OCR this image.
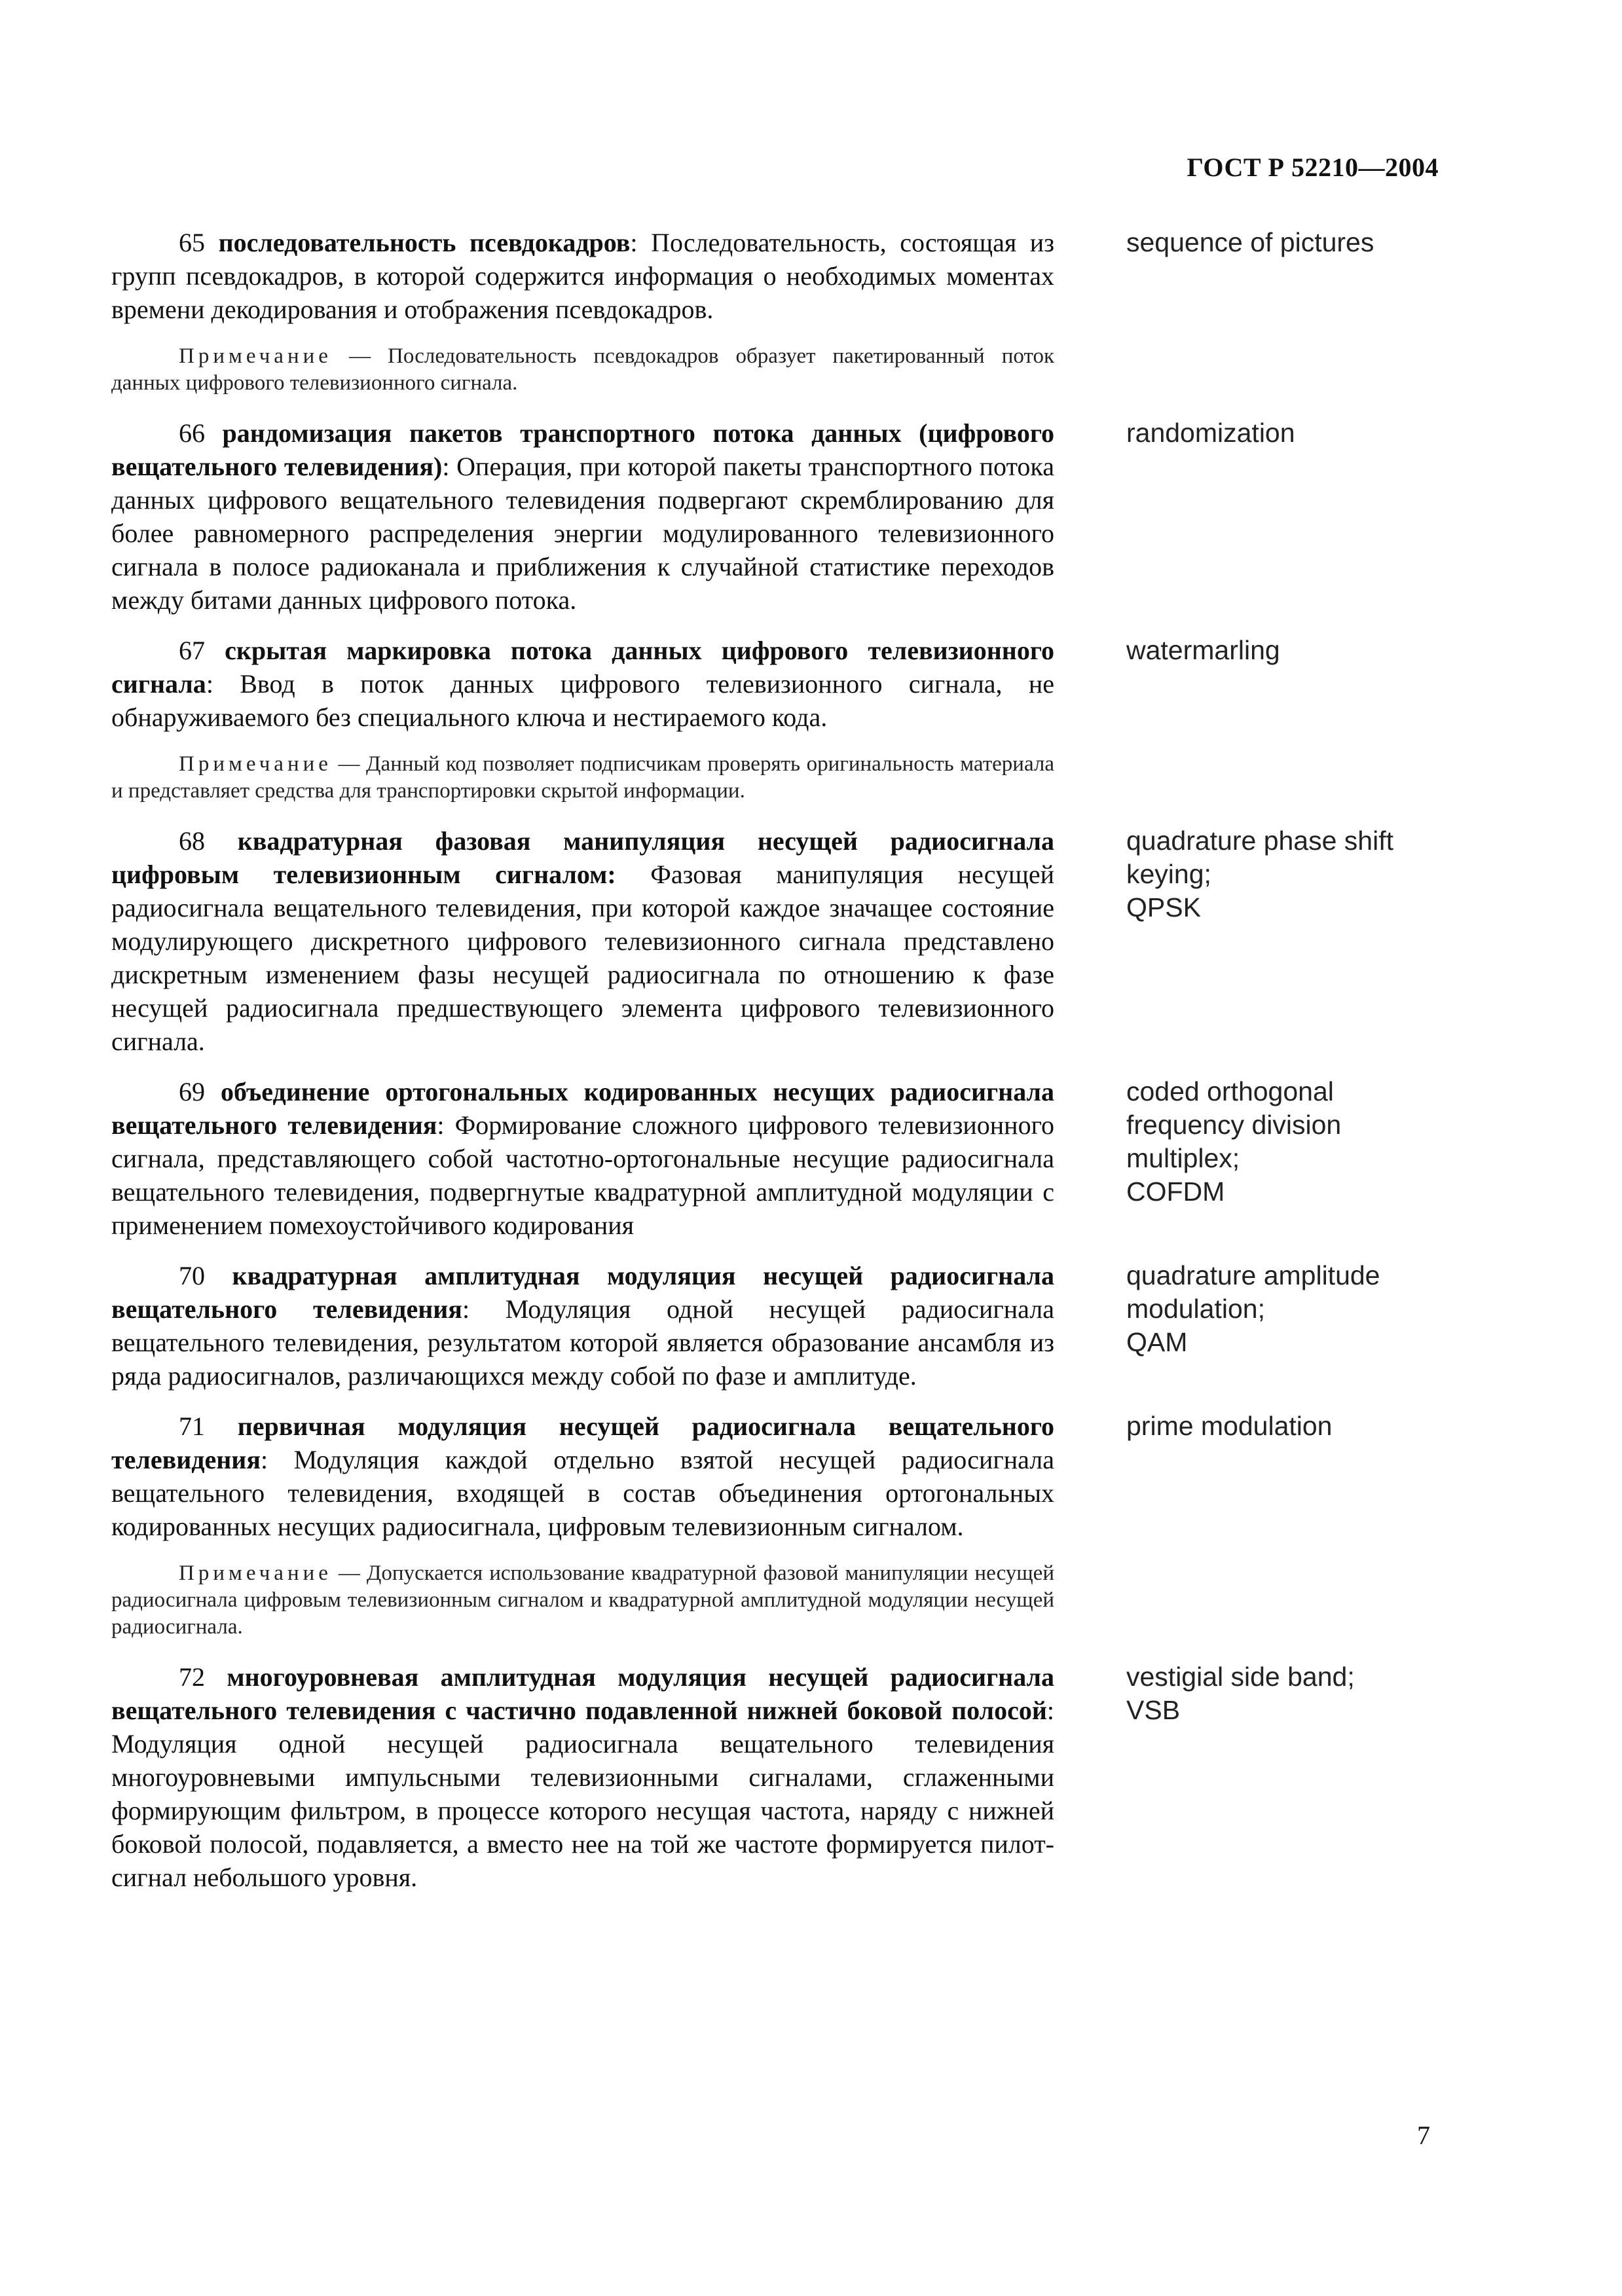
ГОСТ Р 52210—2004
65 последовательность псевдокадров: Последовательность, состоящая из групп псевдокадров, в которой содержится информация о необходимых моментах времени декодирования и отображения псевдокадров.
sequence of pictures
Примечание — Последовательность псевдокадров образует пакетированный поток данных цифрового телевизионного сигнала.
66 рандомизация пакетов транспортного потока данных (цифрового вещательного телевидения): Операция, при которой пакеты транспортного потока данных цифрового вещательного телевидения подвергают скремблированию для более равномерного распределения энергии модулированного телевизионного сигнала в полосе радиоканала и приближения к случайной статистике переходов между битами данных цифрового потока.
randomization
67 скрытая маркировка потока данных цифрового телевизионного сигнала: Ввод в поток данных цифрового телевизионного сигнала, не обнаруживаемого без специального ключа и нестираемого кода.
watermarling
Примечание — Данный код позволяет подписчикам проверять оригинальность материала и представляет средства для транспортировки скрытой информации.
68 квадратурная фазовая манипуляция несущей радиосигнала цифровым телевизионным сигналом: Фазовая манипуляция несущей радиосигнала вещательного телевидения, при которой каждое значащее состояние модулирующего дискретного цифрового телевизионного сигнала представлено дискретным изменением фазы несущей радиосигнала по отношению к фазе несущей радиосигнала предшествующего элемента цифрового телевизионного сигнала.
quadrature phase shift
keying;
QPSK
69 объединение ортогональных кодированных несущих радиосигнала вещательного телевидения: Формирование сложного цифрового телевизионного сигнала, представляющего собой частотно-ортогональные несущие радиосигнала вещательного телевидения, подвергнутые квадратурной амплитудной модуляции с применением помехоустойчивого кодирования
coded orthogonal
frequency division
multiplex;
COFDM
70 квадратурная амплитудная модуляция несущей радиосигнала вещательного телевидения: Модуляция одной несущей радиосигнала вещательного телевидения, результатом которой является образование ансамбля из ряда радиосигналов, различающихся между собой по фазе и амплитуде.
quadrature amplitude
modulation;
QAM
71 первичная модуляция несущей радиосигнала вещательного телевидения: Модуляция каждой отдельно взятой несущей радиосигнала вещательного телевидения, входящей в состав объединения ортогональных кодированных несущих радиосигнала, цифровым телевизионным сигналом.
prime modulation
Примечание — Допускается использование квадратурной фазовой манипуляции несущей радиосигнала цифровым телевизионным сигналом и квадратурной амплитудной модуляции несущей радиосигнала.
72 многоуровневая амплитудная модуляция несущей радиосигнала вещательного телевидения с частично подавленной нижней боковой полосой: Модуляция одной несущей радиосигнала вещательного телевидения многоуровневыми импульсными телевизионными сигналами, сглаженными формирующим фильтром, в процессе которого несущая частота, наряду с нижней боковой полосой, подавляется, а вместо нее на той же частоте формируется пилот-сигнал небольшого уровня.
vestigial side band;
VSB
7
